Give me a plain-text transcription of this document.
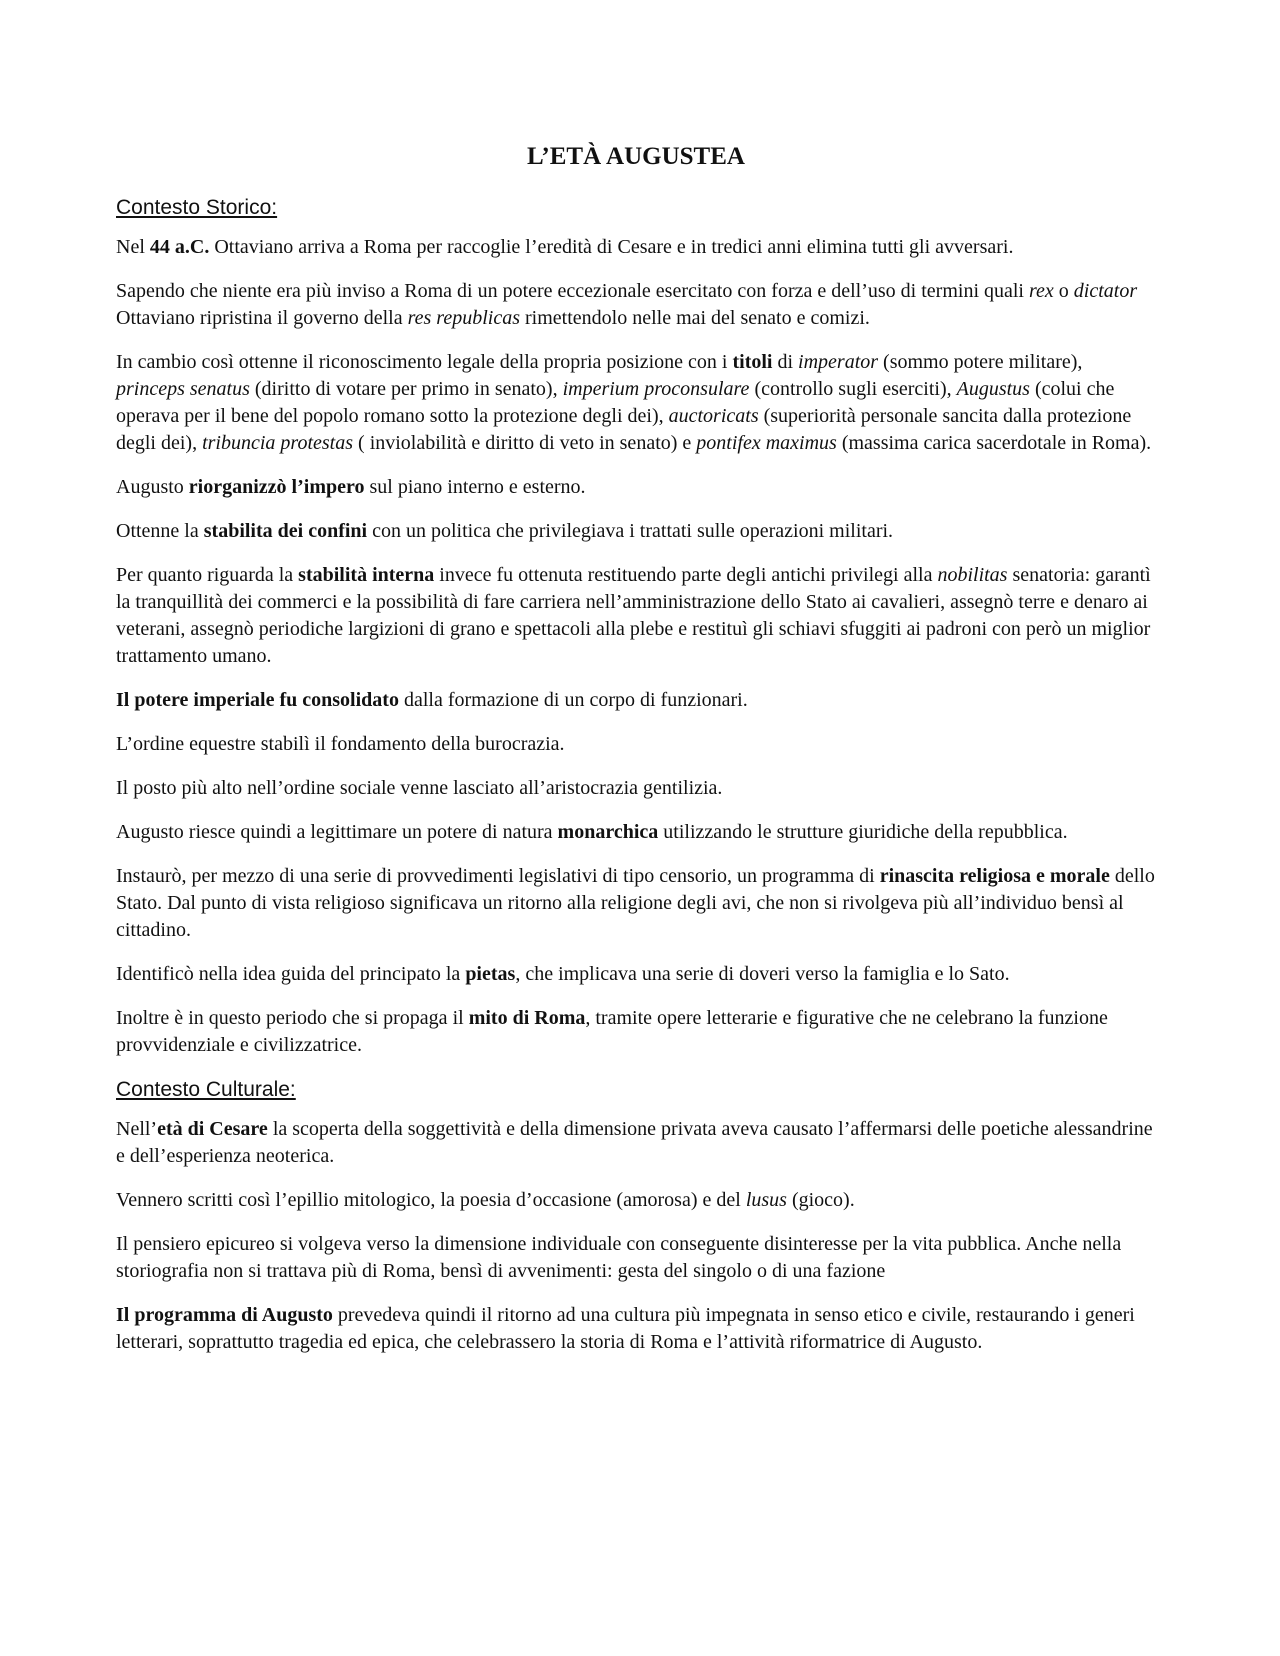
L’ETÀ AUGUSTEA
Contesto Storico:

Nel 44 a.C. Ottaviano arriva a Roma per raccoglie l’eredità di Cesare e in tredici anni elimina tutti gli avversari.

Sapendo che niente era più inviso a Roma di un potere eccezionale esercitato con forza e dell’uso di termini quali rex o dictator Ottaviano ripristina il governo della res republicas rimettendolo nelle mai del senato e comizi.

In cambio così ottenne il riconoscimento legale della propria posizione con i titoli di imperator (sommo potere militare), princeps senatus (diritto di votare per primo in senato), imperium proconsulare (controllo sugli eserciti), Augustus (colui che operava per il bene del popolo romano sotto la protezione degli dei), auctoricats (superiorità personale sancita dalla protezione degli dei), tribuncia protestas ( inviolabilità e diritto di veto in senato) e pontifex maximus (massima carica sacerdotale in Roma).

Augusto riorganizzò l’impero sul piano interno e esterno.

Ottenne la stabilita dei confini con un politica che privilegiava i trattati sulle operazioni militari.

Per quanto riguarda la stabilità interna invece fu ottenuta restituendo parte degli antichi privilegi alla nobilitas senatoria: garantì la tranquillità dei commerci e la possibilità di fare carriera nell’amministrazione dello Stato ai cavalieri, assegnò terre e denaro ai veterani, assegnò periodiche largizioni di grano e spettacoli alla plebe e restituì gli schiavi sfuggiti ai padroni con però un miglior trattamento umano.

Il potere imperiale fu consolidato dalla formazione di un corpo di funzionari.

L’ordine equestre stabilì il fondamento della burocrazia.

Il posto più alto nell’ordine sociale venne lasciato all’aristocrazia gentilizia.

Augusto riesce quindi a legittimare un potere di natura monarchica utilizzando le strutture giuridiche della repubblica.

Instaurò, per mezzo di una serie di provvedimenti legislativi di tipo censorio, un programma di rinascita religiosa e morale dello Stato. Dal punto di vista religioso significava un ritorno alla religione degli avi, che non si rivolgeva più all’individuo bensì al cittadino.

Identificò nella idea guida del principato la pietas, che implicava una serie di doveri verso la famiglia e lo Sato.

Inoltre è in questo periodo che si propaga il mito di Roma, tramite opere letterarie e figurative che ne celebrano la funzione provvidenziale e civilizzatrice.

Contesto Culturale:

Nell’età di Cesare la scoperta della soggettività e della dimensione privata aveva causato l’affermarsi delle poetiche alessandrine e dell’esperienza neoterica.

Vennero scritti così l’epillio mitologico, la poesia d’occasione (amorosa) e del lusus (gioco).

Il pensiero epicureo si volgeva verso la dimensione individuale con conseguente disinteresse per la vita pubblica. Anche nella storiografia non si trattava più di Roma, bensì di avvenimenti: gesta del singolo o di una fazione

Il programma di Augusto prevedeva quindi il ritorno ad una cultura più impegnata in senso etico e civile, restaurando i generi letterari, soprattutto tragedia ed epica, che celebrassero la storia di Roma e l’attività riformatrice di Augusto.
